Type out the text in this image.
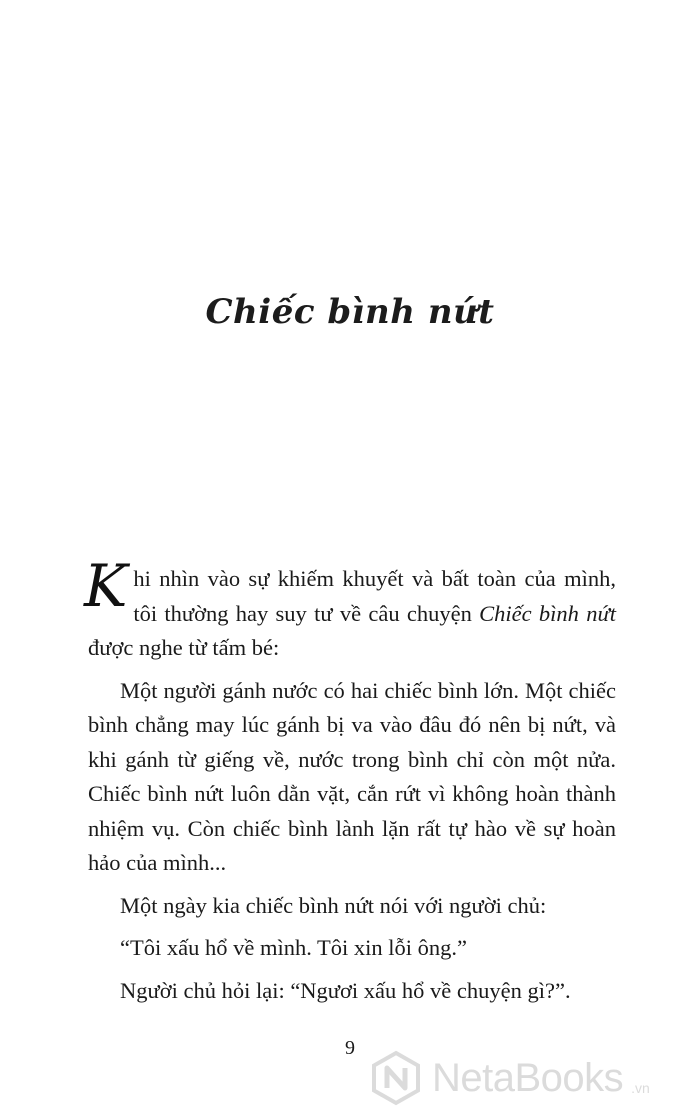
Chiếc bình nứt

Khi nhìn vào sự khiếm khuyết và bất toàn của mình, tôi thường hay suy tư về câu chuyện Chiếc bình nứt được nghe từ tấm bé:

Một người gánh nước có hai chiếc bình lớn. Một chiếc bình chẳng may lúc gánh bị va vào đâu đó nên bị nứt, và khi gánh từ giếng về, nước trong bình chỉ còn một nửa. Chiếc bình nứt luôn dằn vặt, cắn rứt vì không hoàn thành nhiệm vụ. Còn chiếc bình lành lặn rất tự hào về sự hoàn hảo của mình...

Một ngày kia chiếc bình nứt nói với người chủ:

“Tôi xấu hổ về mình. Tôi xin lỗi ông.”

Người chủ hỏi lại: “Ngươi xấu hổ về chuyện gì?”.

9
NetaBooks .vn
